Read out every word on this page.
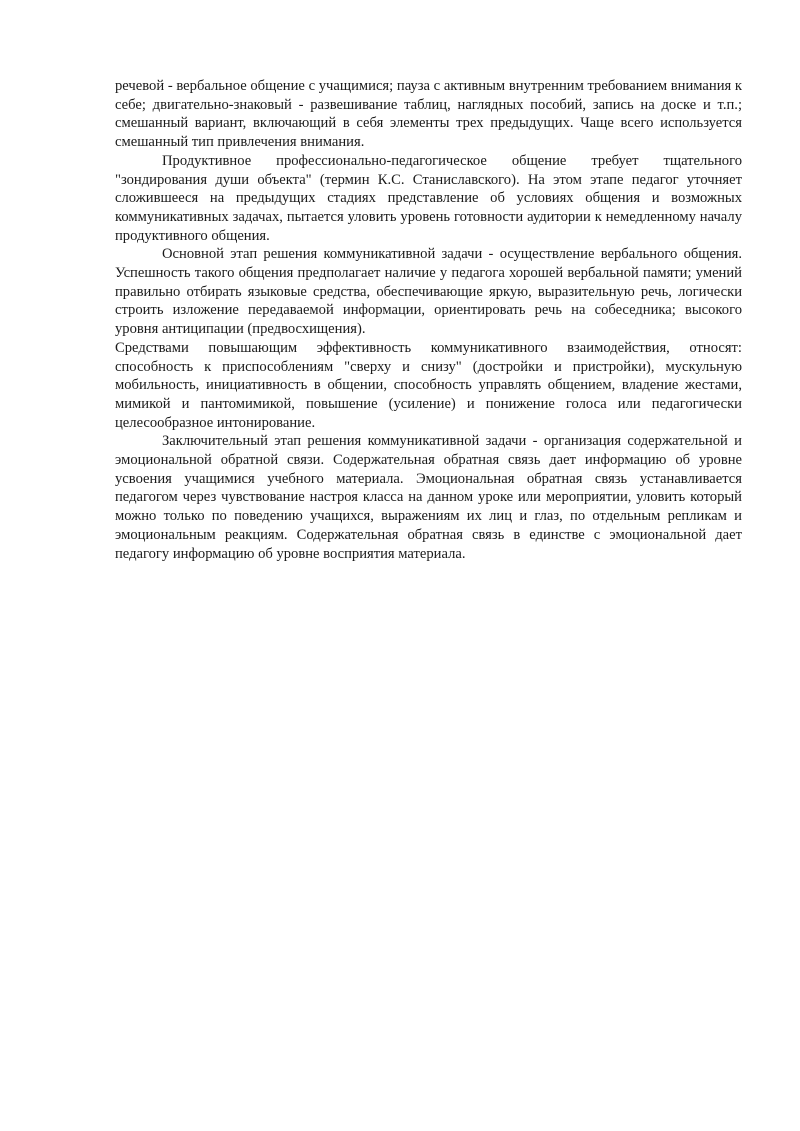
речевой - вербальное общение с учащимися; пауза с активным внутренним требованием внимания к себе; двигательно-знаковый - развешивание таблиц, наглядных пособий, запись на доске и т.п.; смешанный вариант, включающий в себя элементы трех предыдущих. Чаще всего используется смешанный тип привлечения внимания.

Продуктивное профессионально-педагогическое общение требует тщательного "зондирования души объекта" (термин К.С. Станиславского). На этом этапе педагог уточняет сложившееся на предыдущих стадиях представление об условиях общения и возможных коммуникативных задачах, пытается уловить уровень готовности аудитории к немедленному началу продуктивного общения.

Основной этап решения коммуникативной задачи - осуществление вербального общения. Успешность такого общения предполагает наличие у педагога хорошей вербальной памяти; умений правильно отбирать языковые средства, обеспечивающие яркую, выразительную речь, логически строить изложение передаваемой информации, ориентировать речь на собеседника; высокого уровня антиципации (предвосхищения).

Средствами повышающим эффективность коммуникативного взаимодействия, относят: способность к приспособлениям "сверху и снизу" (достройки и пристройки), мускульную мобильность, инициативность в общении, способность управлять общением, владение жестами, мимикой и пантомимикой, повышение (усиление) и понижение голоса или педагогически целесообразное интонирование.

Заключительный этап решения коммуникативной задачи - организация содержательной и эмоциональной обратной связи. Содержательная обратная связь дает информацию об уровне усвоения учащимися учебного материала. Эмоциональная обратная связь устанавливается педагогом через чувствование настроя класса на данном уроке или мероприятии, уловить который можно только по поведению учащихся, выражениям их лиц и глаз, по отдельным репликам и эмоциональным реакциям. Содержательная обратная связь в единстве с эмоциональной дает педагогу информацию об уровне восприятия материала.
